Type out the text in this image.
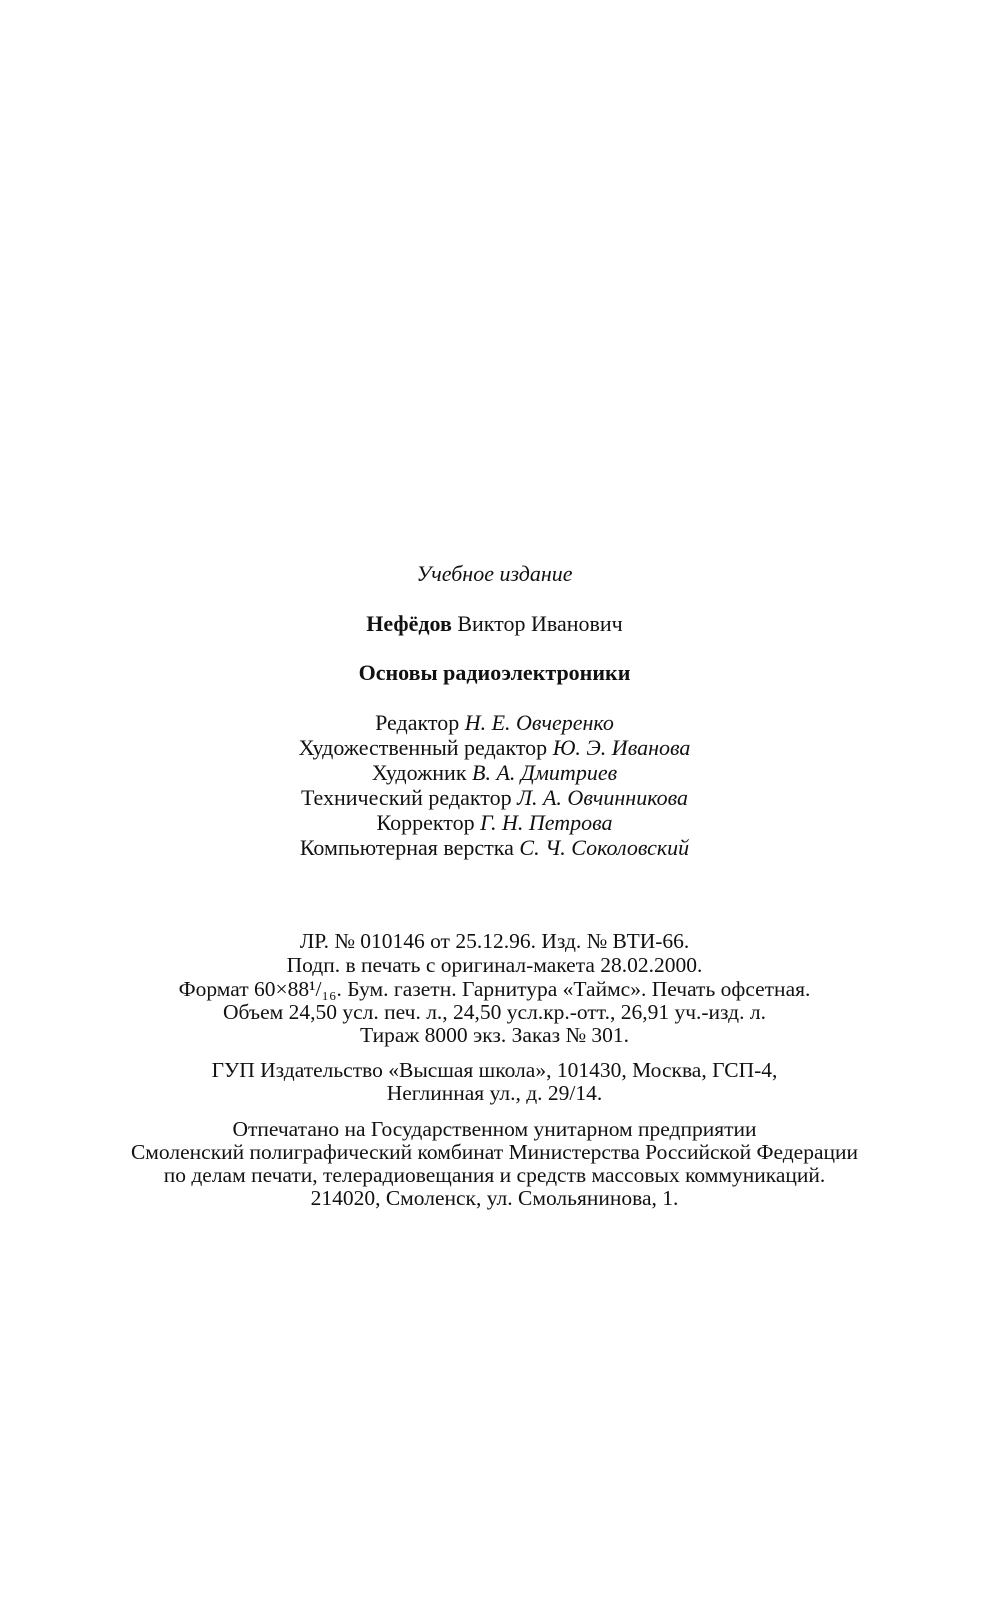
Учебное издание

Нефёдов Виктор Иванович

Основы радиоэлектроники

Редактор Н. Е. Овчеренко
Художественный редактор Ю. Э. Иванова
Художник В. А. Дмитриев
Технический редактор Л. А. Овчинникова
Корректор Г. Н. Петрова
Компьютерная верстка С. Ч. Соколовский

ЛР. № 010146 от 25.12.96. Изд. № ВТИ-66.

Подп. в печать с оригинал-макета 28.02.2000.

Формат 60×88¹/₁₆. Бум. газетн. Гарнитура «Таймс». Печать офсетная.

Объем 24,50 усл. печ. л., 24,50 усл.кр.-отт., 26,91 уч.-изд. л.

Тираж 8000 экз. Заказ № 301.

ГУП Издательство «Высшая школа», 101430, Москва, ГСП-4,

Неглинная ул., д. 29/14.

Отпечатано на Государственном унитарном предприятии

Смоленский полиграфический комбинат Министерства Российской Федерации

по делам печати, телерадиовещания и средств массовых коммуникаций.

214020, Смоленск, ул. Смольянинова, 1.
